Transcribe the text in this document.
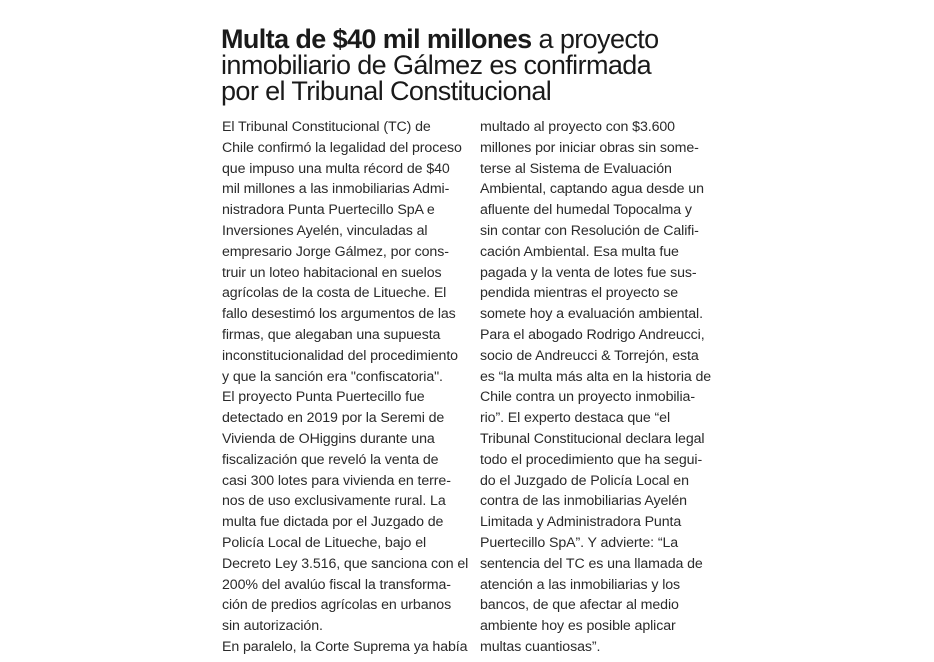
Multa de $40 mil millones a proyecto
inmobiliario de Gálmez es confirmada
por el Tribunal Constitucional
El Tribunal Constitucional (TC) de
Chile confirmó la legalidad del proceso
que impuso una multa récord de $40
mil millones a las inmobiliarias Admi-
nistradora Punta Puertecillo SpA e
Inversiones Ayelén, vinculadas al
empresario Jorge Gálmez, por cons-
truir un loteo habitacional en suelos
agrícolas de la costa de Litueche. El
fallo desestimó los argumentos de las
firmas, que alegaban una supuesta
inconstitucionalidad del procedimiento
y que la sanción era "confiscatoria".
El proyecto Punta Puertecillo fue
detectado en 2019 por la Seremi de
Vivienda de OHiggins durante una
fiscalización que reveló la venta de
casi 300 lotes para vivienda en terre-
nos de uso exclusivamente rural. La
multa fue dictada por el Juzgado de
Policía Local de Litueche, bajo el
Decreto Ley 3.516, que sanciona con el
200% del avalúo fiscal la transforma-
ción de predios agrícolas en urbanos
sin autorización.
En paralelo, la Corte Suprema ya había
multado al proyecto con $3.600
millones por iniciar obras sin some-
terse al Sistema de Evaluación
Ambiental, captando agua desde un
afluente del humedal Topocalma y
sin contar con Resolución de Califi-
cación Ambiental. Esa multa fue
pagada y la venta de lotes fue sus-
pendida mientras el proyecto se
somete hoy a evaluación ambiental.
Para el abogado Rodrigo Andreucci,
socio de Andreucci & Torrejón, esta
es “la multa más alta en la historia de
Chile contra un proyecto inmobilia-
rio”. El experto destaca que “el
Tribunal Constitucional declara legal
todo el procedimiento que ha segui-
do el Juzgado de Policía Local en
contra de las inmobiliarias Ayelén
Limitada y Administradora Punta
Puertecillo SpA”. Y advierte: “La
sentencia del TC es una llamada de
atención a las inmobiliarias y los
bancos, de que afectar al medio
ambiente hoy es posible aplicar
multas cuantiosas”.
